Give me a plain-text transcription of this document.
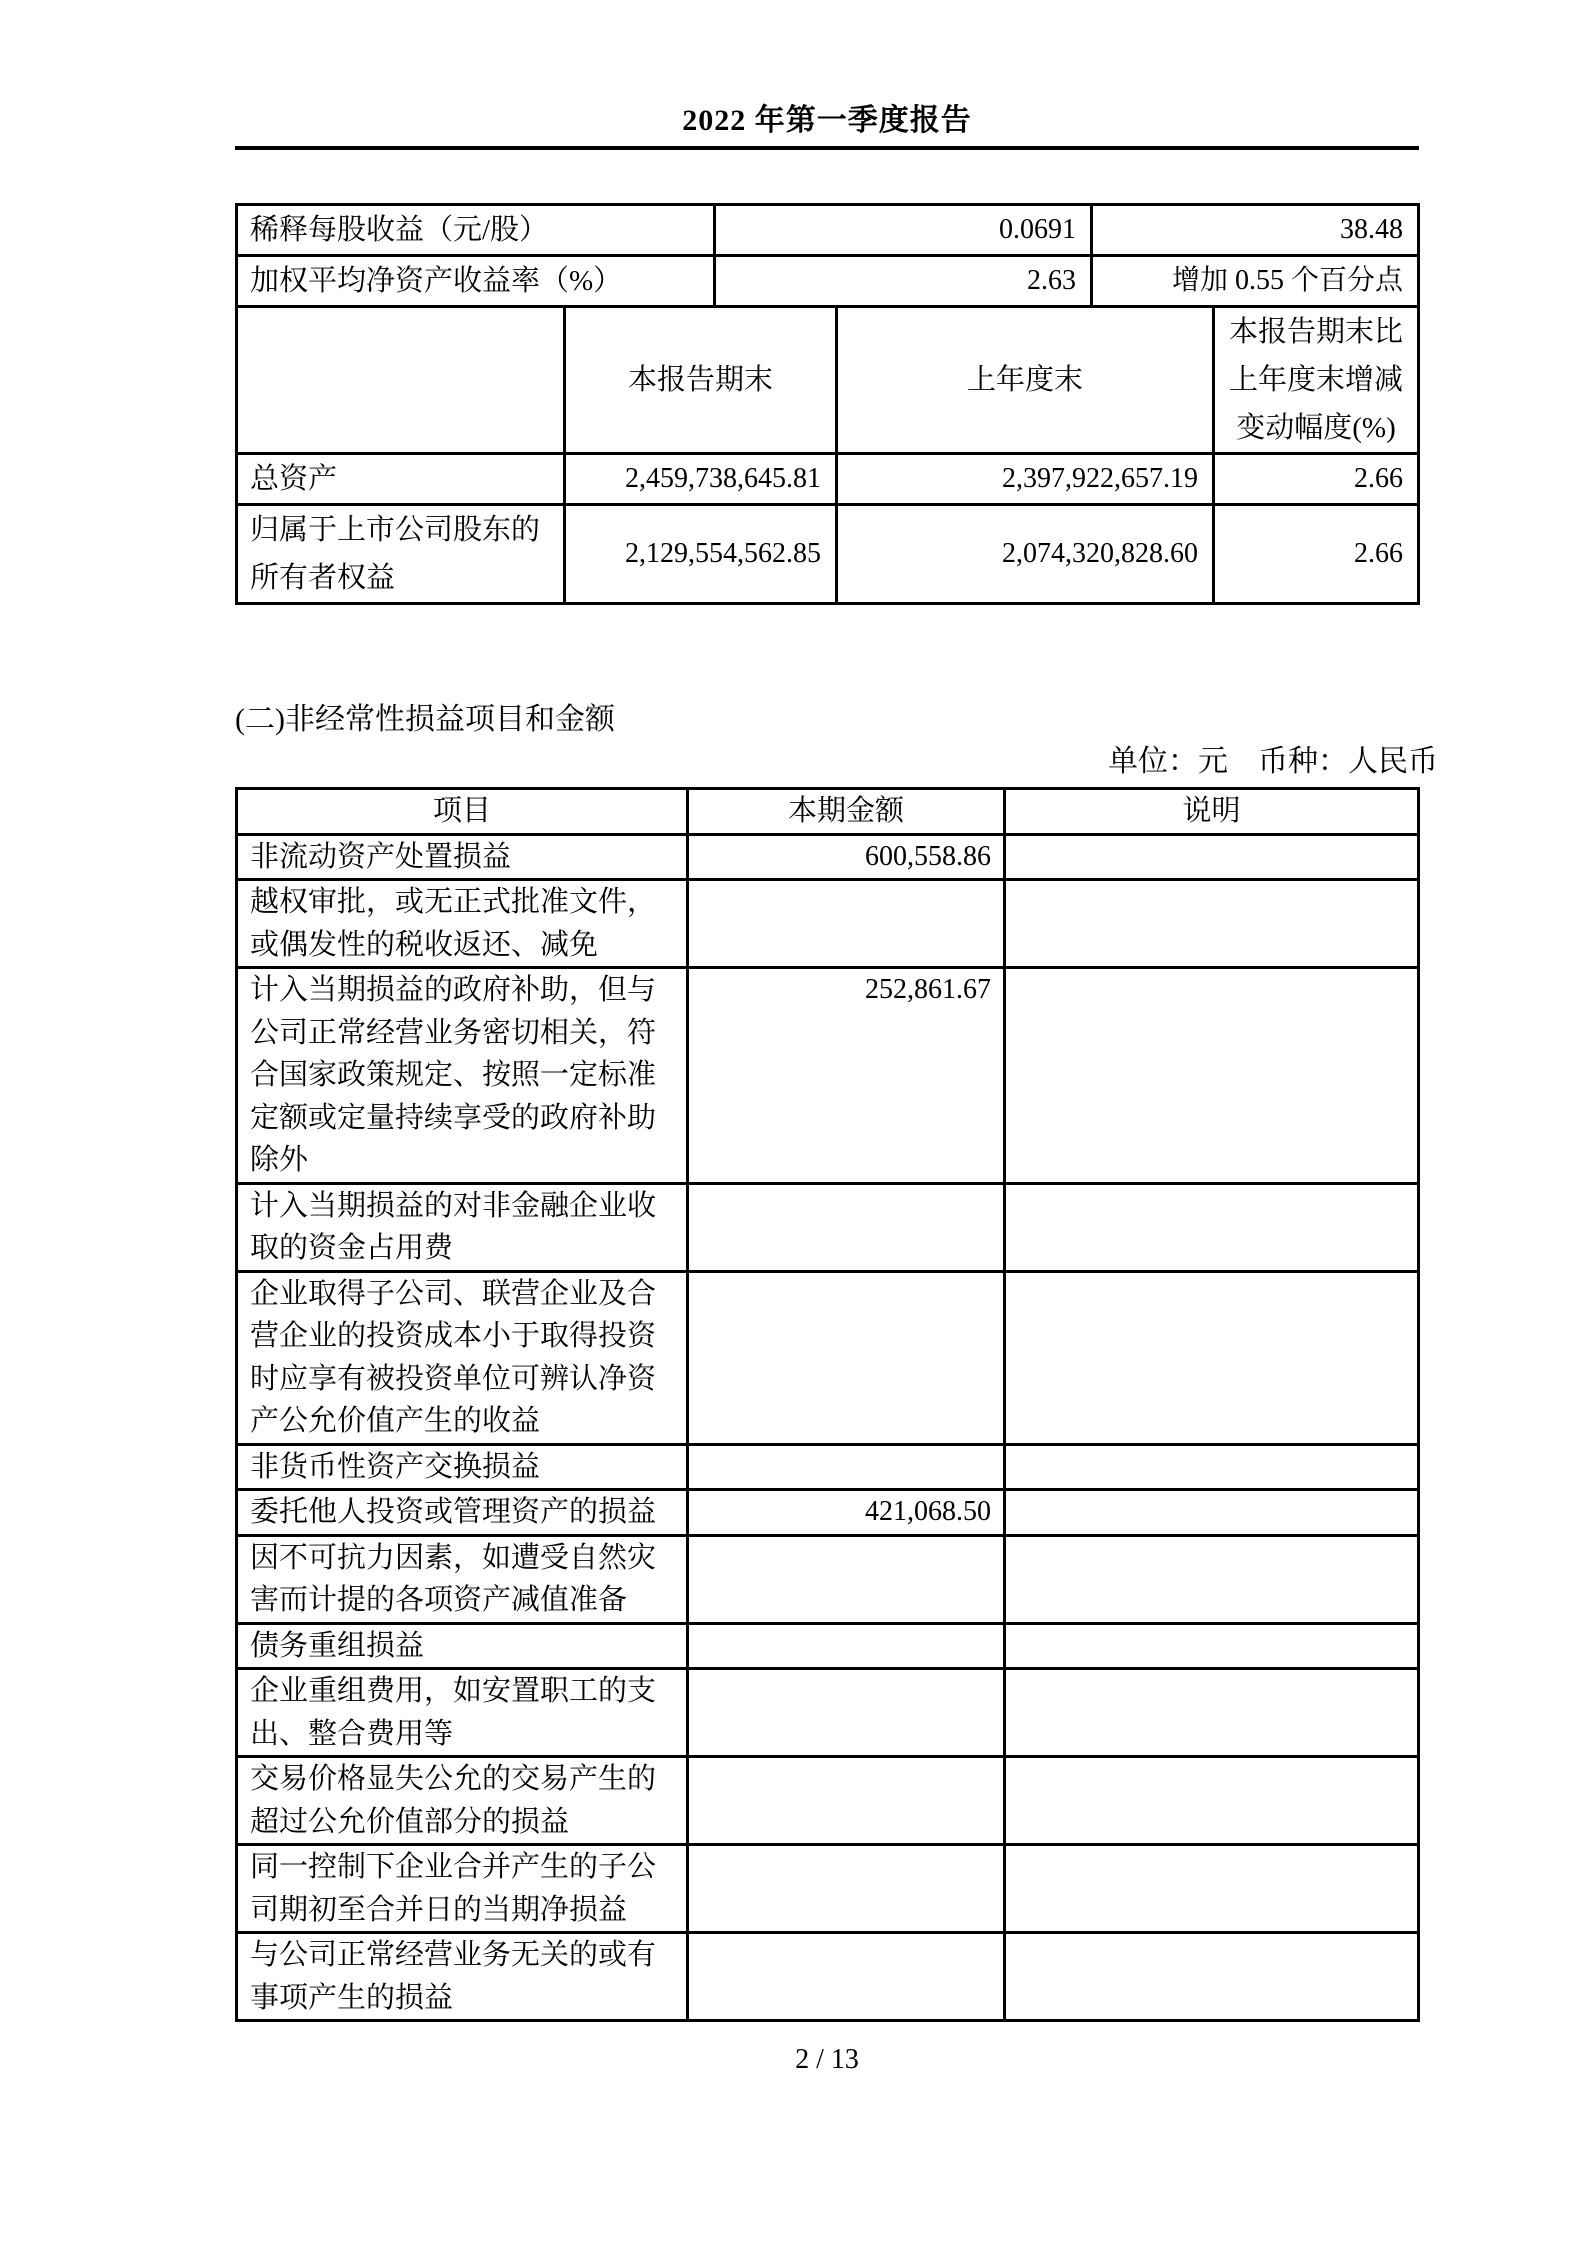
2022 年第一季度报告
稀释每股收益（元/股）	0.0691	38.48
加权平均净资产收益率（%）	2.63	增加 0.55 个百分点
	本报告期末	上年度末	本报告期末比上年度末增减变动幅度(%)
总资产	2,459,738,645.81	2,397,922,657.19	2.66
归属于上市公司股东的所有者权益	2,129,554,562.85	2,074,320,828.60	2.66
(二)非经常性损益项目和金额
单位：元　币种：人民币
项目	本期金额	说明
非流动资产处置损益	600,558.86	
越权审批，或无正式批准文件，或偶发性的税收返还、减免		
计入当期损益的政府补助，但与公司正常经营业务密切相关，符合国家政策规定、按照一定标准定额或定量持续享受的政府补助除外	252,861.67	
计入当期损益的对非金融企业收取的资金占用费		
企业取得子公司、联营企业及合营企业的投资成本小于取得投资时应享有被投资单位可辨认净资产公允价值产生的收益		
非货币性资产交换损益		
委托他人投资或管理资产的损益	421,068.50	
因不可抗力因素，如遭受自然灾害而计提的各项资产减值准备		
债务重组损益		
企业重组费用，如安置职工的支出、整合费用等		
交易价格显失公允的交易产生的超过公允价值部分的损益		
同一控制下企业合并产生的子公司期初至合并日的当期净损益		
与公司正常经营业务无关的或有事项产生的损益		
2 / 13
